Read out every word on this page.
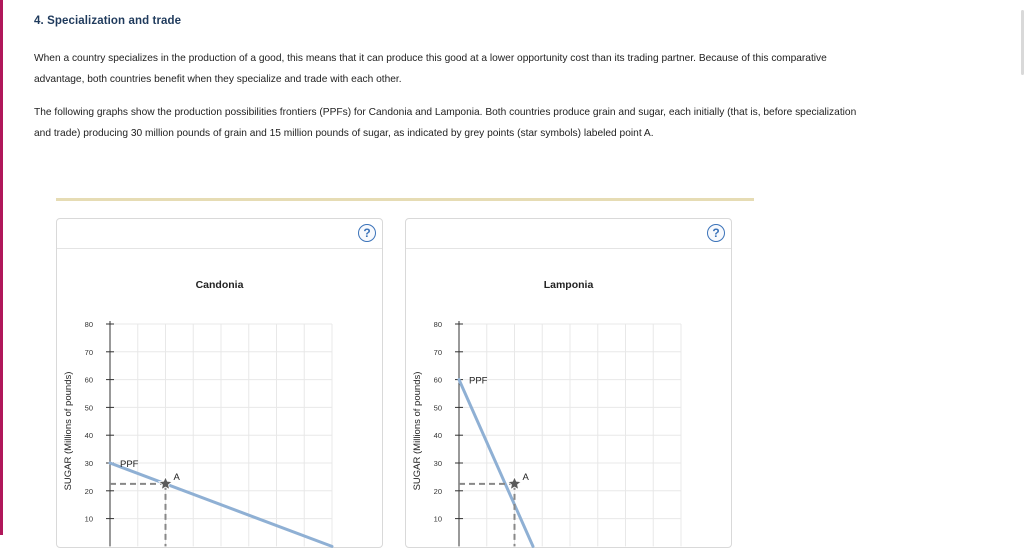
4. Specialization and trade

When a country specializes in the production of a good, this means that it can produce this good at a lower opportunity cost than its trading partner. Because of this comparative advantage, both countries benefit when they specialize and trade with each other.

The following graphs show the production possibilities frontiers (PPFs) for Candonia and Lamponia. Both countries produce grain and sugar, each initially (that is, before specialization and trade) producing 30 million pounds of grain and 15 million pounds of sugar, as indicated by grey points (star symbols) labeled point A.

?
Candonia
SUGAR (Millions of pounds)
10
20
30
40
50
60
70
80
PPF
A
?
Lamponia
SUGAR (Millions of pounds)
10
20
30
40
50
60
70
80
PPF
A
